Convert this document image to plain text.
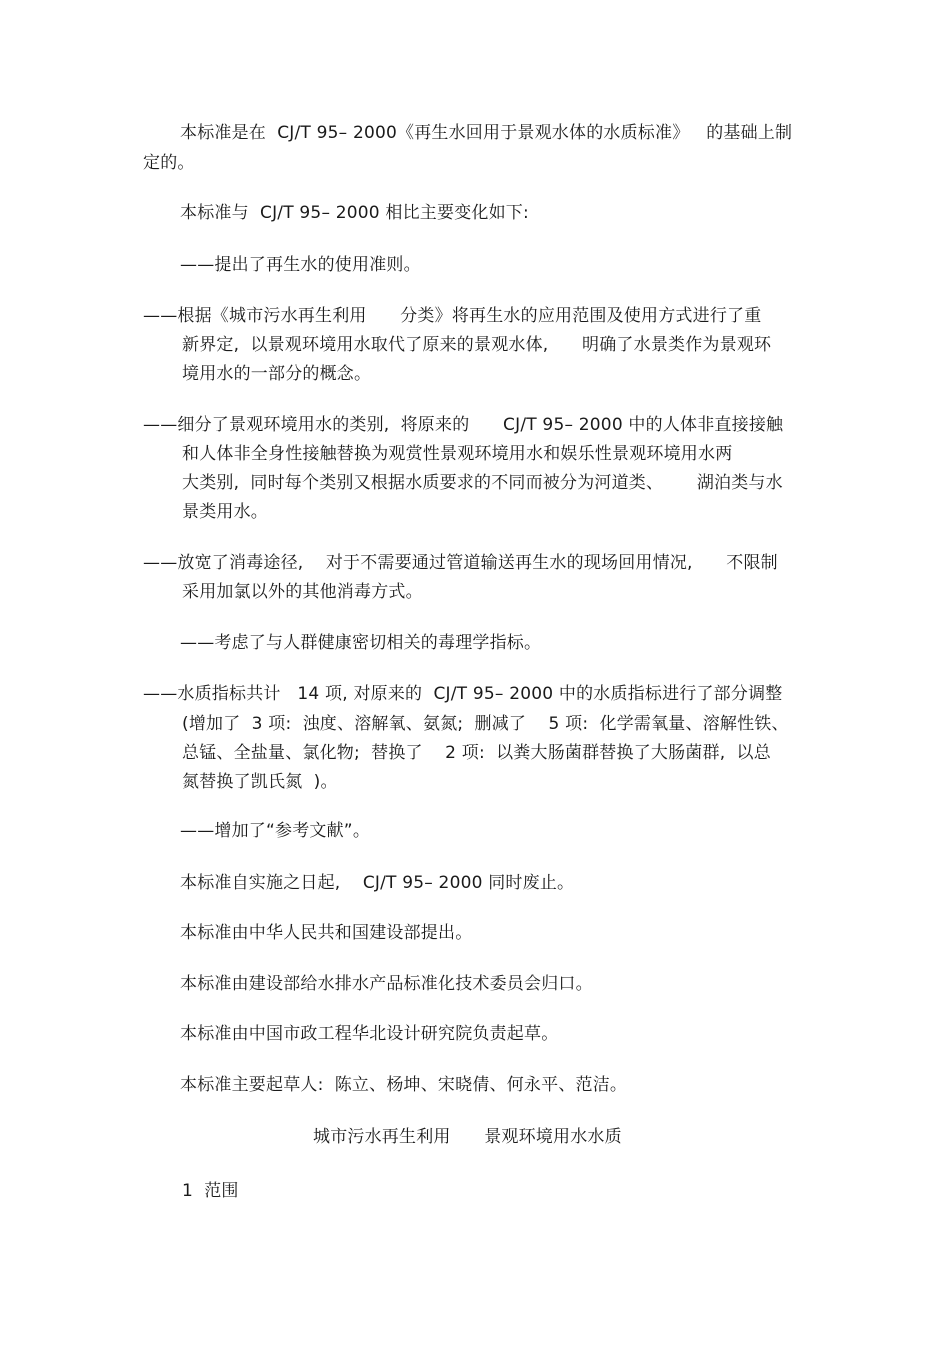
本标准是在  CJ/T 95– 2000《再生水回用于景观水体的水质标准》   的基础上制
定的。
本标准与  CJ/T 95– 2000 相比主要变化如下:
——提出了再生水的使用准则。
——根据《城市污水再生利用      分类》将再生水的应用范围及使用方式进行了重
新界定,  以景观环境用水取代了原来的景观水体,      明确了水景类作为景观环
境用水的一部分的概念。
——细分了景观环境用水的类别,  将原来的      CJ/T 95– 2000 中的人体非直接接触
和人体非全身性接触替换为观赏性景观环境用水和娱乐性景观环境用水两
大类别,  同时每个类别又根据水质要求的不同而被分为河道类、      湖泊类与水
景类用水。
——放宽了消毒途径,    对于不需要通过管道输送再生水的现场回用情况,      不限制
采用加氯以外的其他消毒方式。
——考虑了与人群健康密切相关的毒理学指标。
——水质指标共计   14 项, 对原来的  CJ/T 95– 2000 中的水质指标进行了部分调整
(增加了  3 项:  浊度、溶解氧、氨氮;  删减了    5 项:  化学需氧量、溶解性铁、
总锰、全盐量、氯化物;  替换了    2 项:  以粪大肠菌群替换了大肠菌群,  以总
氮替换了凯氏氮  )。
——增加了“参考文献”。
本标准自实施之日起,    CJ/T 95– 2000 同时废止。
本标准由中华人民共和国建设部提出。
本标准由建设部给水排水产品标准化技术委员会归口。
本标准由中国市政工程华北设计研究院负责起草。
本标准主要起草人:  陈立、杨坤、宋晓倩、何永平、范洁。
城市污水再生利用      景观环境用水水质
1  范围
